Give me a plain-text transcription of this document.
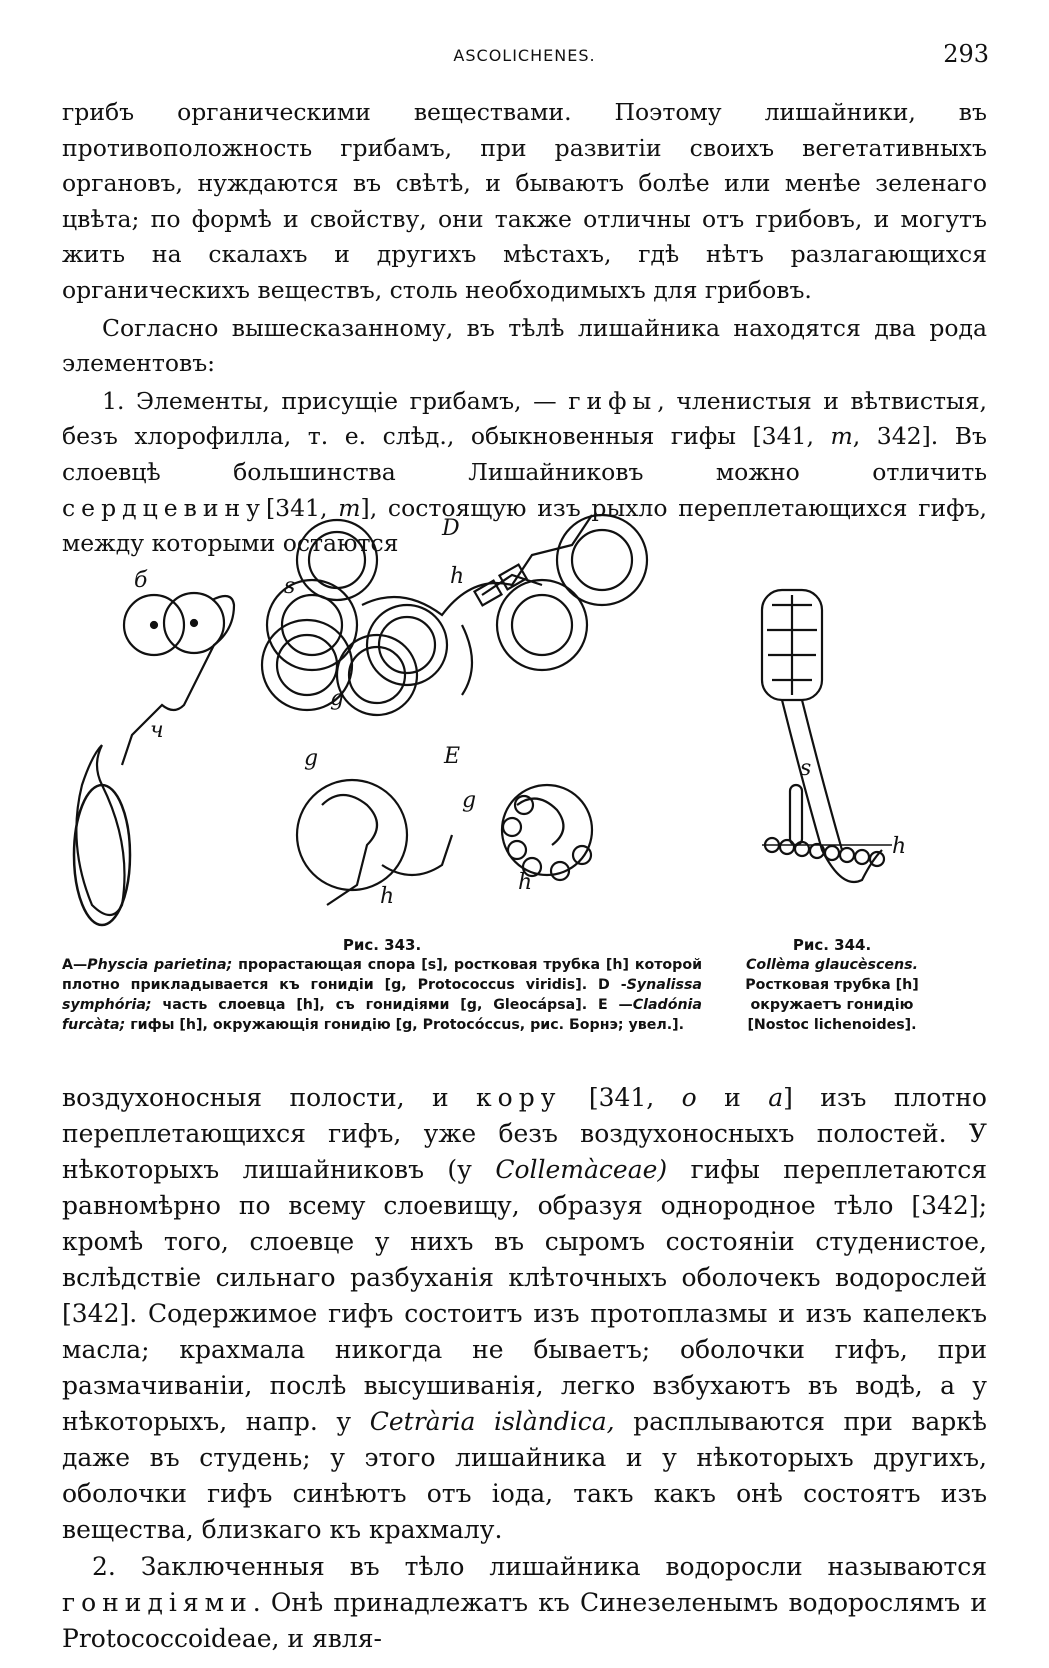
ASCOLICHENES.	293

грибъ органическими веществами. Поэтому лишайники, въ противоположность грибамъ, при развитіи своихъ вегетативныхъ органовъ, нуждаются въ свѣтѣ, и бываютъ болѣе или менѣе зеленаго цвѣта; по формѣ и свойству, они также отличны отъ грибовъ, и могутъ жить на скалахъ и другихъ мѣстахъ, гдѣ нѣтъ разлагающихся органическихъ веществъ, столь необходимыхъ для грибовъ.

Согласно вышесказанному, въ тѣлѣ лишайника находятся два рода элементовъ:

1. Элементы, присущіе грибамъ, — гифы, членистыя и вѣтвистыя, безъ хлорофилла, т. е. слѣд., обыкновенныя гифы [341, m, 342]. Въ слоевцѣ большинства Лишайниковъ можно отличить сердцевину[341, m], состоящую изъ рыхло переплетающихся гифъ, между которыми остаются

б
D
s	h
g
ч
g	E
g
h
h
s
h
Рис. 343.
A—Physcia parietina; прорастающая спора [s], ростковая трубка [h] которой плотно прикладывается къ гонидіи [g, Protococcus viridis]. D -Synalissa symphória; часть слоевца [h], съ гонидіями [g, Gleocápsa]. E —Cladónia furcàta; гифы [h], окружающія гонидію [g, Protocóccus, рис. Борнэ; увел.].
Рис. 344.
Collèma glaucèscens. Ростковая трубка [h] окружаетъ гонидію [Nostoc lichenoides].

воздухоносныя полости, и кору [341, o и a] изъ плотно переплетающихся гифъ, уже безъ воздухоносныхъ полостей. У нѣкоторыхъ лишайниковъ (у Collemàceae) гифы переплетаются равномѣрно по всему слоевищу, образуя однородное тѣло [342]; кромѣ того, слоевце у нихъ въ сыромъ состояніи студенистое, вслѣдствіе сильнаго разбуханія клѣточныхъ оболочекъ водорослей [342]. Содержимое гифъ состоитъ изъ протоплазмы и изъ капелекъ масла; крахмала никогда не бываетъ; оболочки гифъ, при размачиваніи, послѣ высушиванія, легко взбухаютъ въ водѣ, а у нѣкоторыхъ, напр. у Cetrària islàndica, расплываются при варкѣ даже въ студень; у этого лишайника и у нѣкоторыхъ другихъ, оболочки гифъ синѣютъ отъ іода, такъ какъ онѣ состоятъ изъ вещества, близкаго къ крахмалу.

2. Заключенныя въ тѣло лишайника водоросли называются гонидіями. Онѣ принадлежатъ къ Синезеленымъ водорослямъ и Protococcoideae, и явля-
